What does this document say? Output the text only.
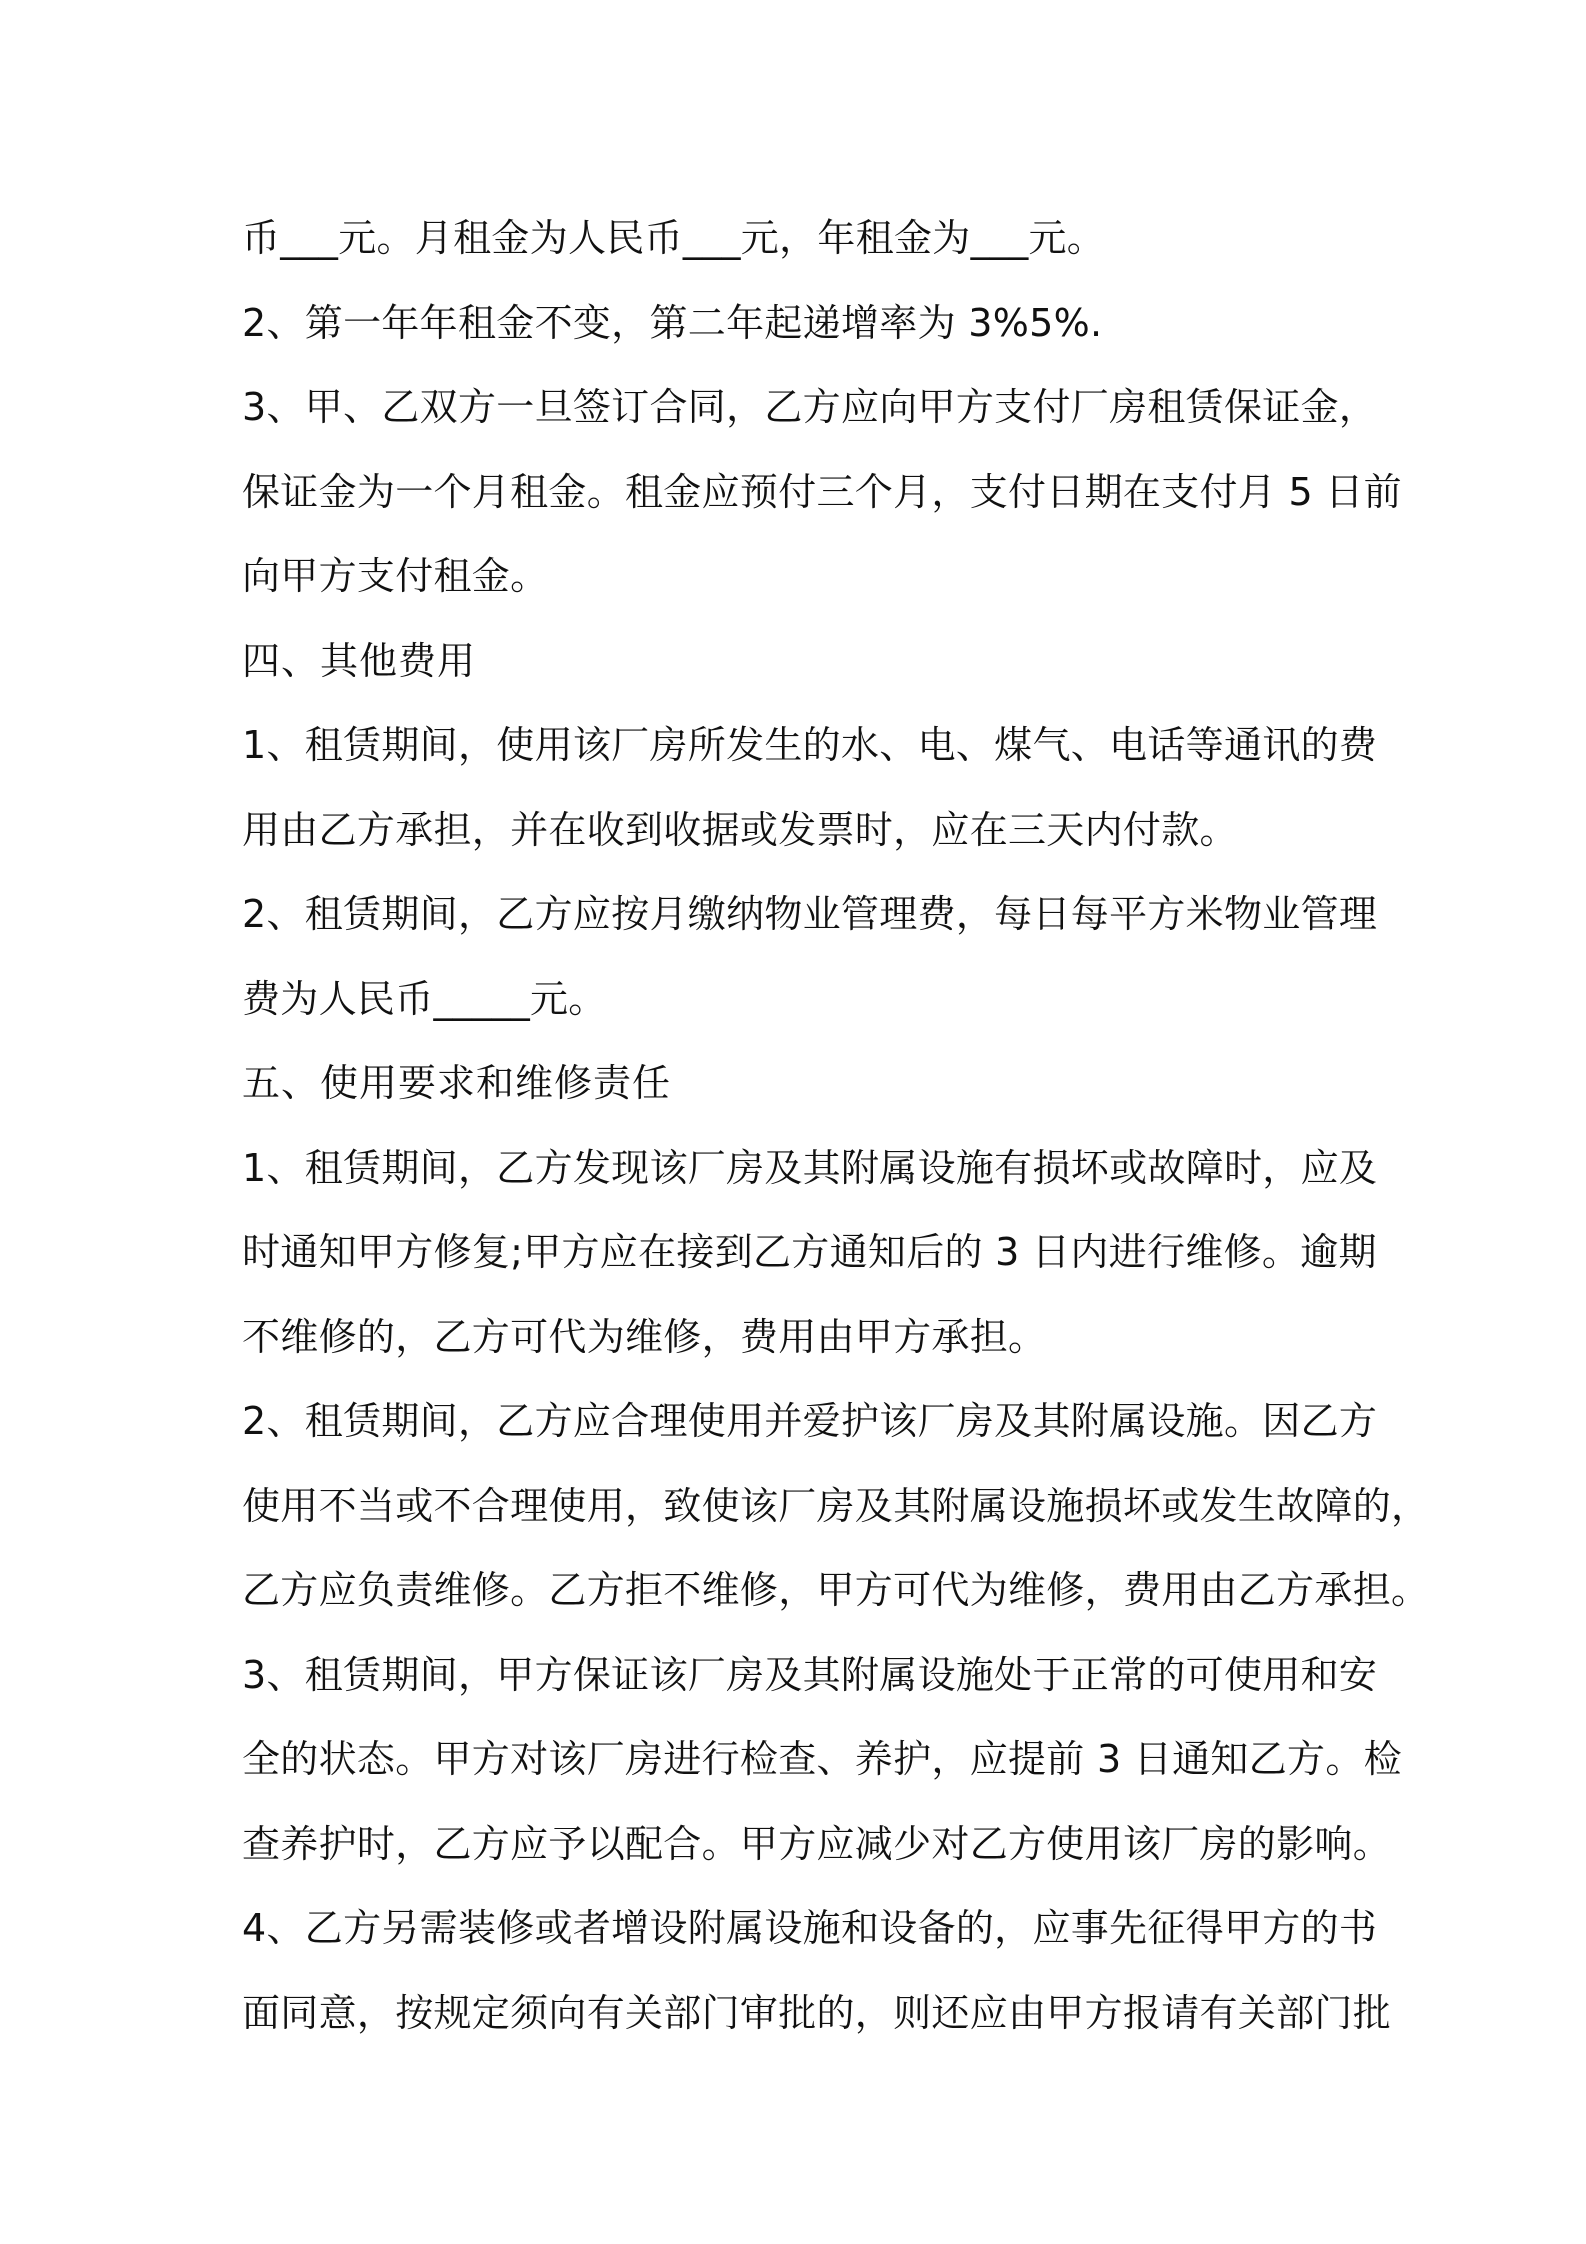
币___元。月租金为人民币___元，年租金为___元。
2、第一年年租金不变，第二年起递增率为 3%5%.
3、甲、乙双方一旦签订合同，乙方应向甲方支付厂房租赁保证金，
保证金为一个月租金。租金应预付三个月，支付日期在支付月 5 日前
向甲方支付租金。
四、其他费用
1、租赁期间，使用该厂房所发生的水、电、煤气、电话等通讯的费
用由乙方承担，并在收到收据或发票时，应在三天内付款。
2、租赁期间，乙方应按月缴纳物业管理费，每日每平方米物业管理
费为人民币_____元。
五、使用要求和维修责任
1、租赁期间，乙方发现该厂房及其附属设施有损坏或故障时，应及
时通知甲方修复;甲方应在接到乙方通知后的 3 日内进行维修。逾期
不维修的，乙方可代为维修，费用由甲方承担。
2、租赁期间，乙方应合理使用并爱护该厂房及其附属设施。因乙方
使用不当或不合理使用，致使该厂房及其附属设施损坏或发生故障的，
乙方应负责维修。乙方拒不维修，甲方可代为维修，费用由乙方承担。
3、租赁期间，甲方保证该厂房及其附属设施处于正常的可使用和安
全的状态。甲方对该厂房进行检查、养护，应提前 3 日通知乙方。检
查养护时，乙方应予以配合。甲方应减少对乙方使用该厂房的影响。
4、乙方另需装修或者增设附属设施和设备的，应事先征得甲方的书
面同意，按规定须向有关部门审批的，则还应由甲方报请有关部门批
